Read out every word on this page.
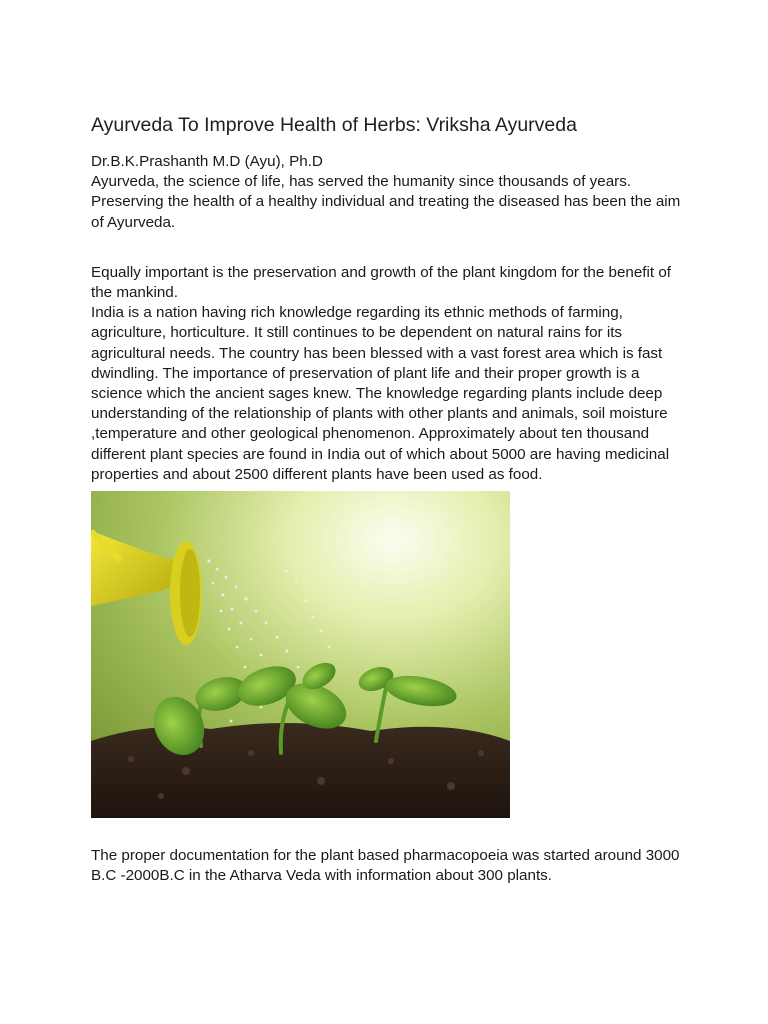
Ayurveda To Improve Health of Herbs: Vriksha Ayurveda

Dr.B.K.Prashanth M.D (Ayu), Ph.D

Ayurveda, the science of life, has served the humanity since thousands of years. Preserving the health of a healthy individual and treating the diseased has been the aim of Ayurveda.

Equally important is the preservation and growth of the plant kingdom for the benefit of the mankind.

India is a nation having rich knowledge regarding its ethnic methods of farming, agriculture, horticulture. It still continues to be dependent on natural rains for its agricultural needs. The country has been blessed with a vast forest area which is fast dwindling. The importance of preservation of plant life and their proper growth is a science which the ancient sages knew. The knowledge regarding plants include deep understanding of the relationship of plants with other plants and animals, soil moisture ,temperature and other geological phenomenon. Approximately about ten thousand different plant species are found in India out of which about 5000 are having medicinal properties and about 2500 different plants have been used as food.

The proper documentation for the plant based pharmacopoeia was started around 3000 B.C -2000B.C in the Atharva Veda with information about 300 plants.
